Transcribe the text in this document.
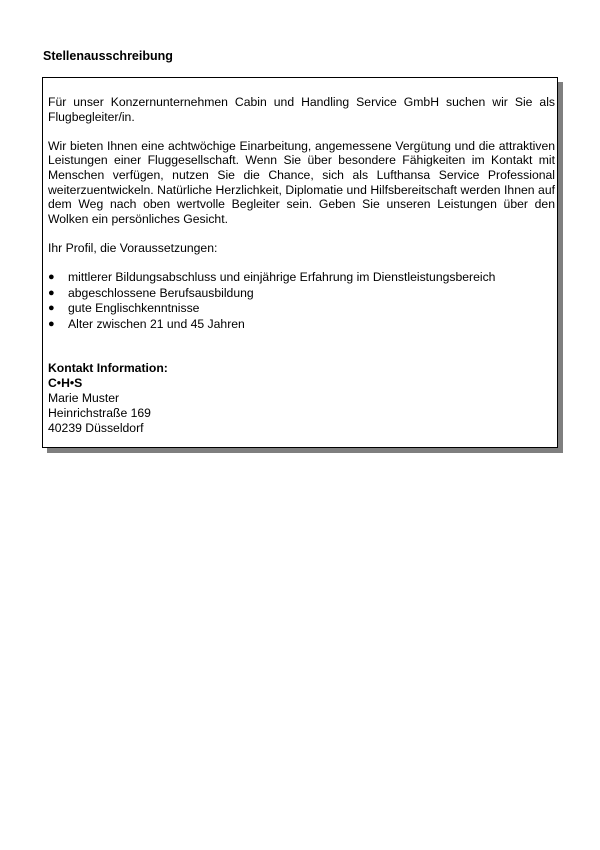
Stellenausschreibung

Für unser Konzernunternehmen Cabin und Handling Service GmbH suchen wir Sie als Flugbegleiter/in.

Wir bieten Ihnen eine achtwöchige Einarbeitung, angemessene Vergütung und die attraktiven Leistungen einer Fluggesellschaft. Wenn Sie über besondere Fähigkeiten im Kontakt mit Menschen verfügen, nutzen Sie die Chance, sich als Lufthansa Service Professional weiterzuentwickeln. Natürliche Herzlichkeit, Diplomatie und Hilfsbereitschaft werden Ihnen auf dem Weg nach oben wertvolle Begleiter sein. Geben Sie unseren Leistungen über den Wolken ein persönliches Gesicht.

Ihr Profil, die Voraussetzungen:

● mittlerer Bildungsabschluss und einjährige Erfahrung im Dienstleistungsbereich
● abgeschlossene Berufsausbildung
● gute Englischkenntnisse
● Alter zwischen 21 und 45 Jahren
Kontakt Information:
C•H•S
Marie Muster
Heinrichstraße 169
40239 Düsseldorf
